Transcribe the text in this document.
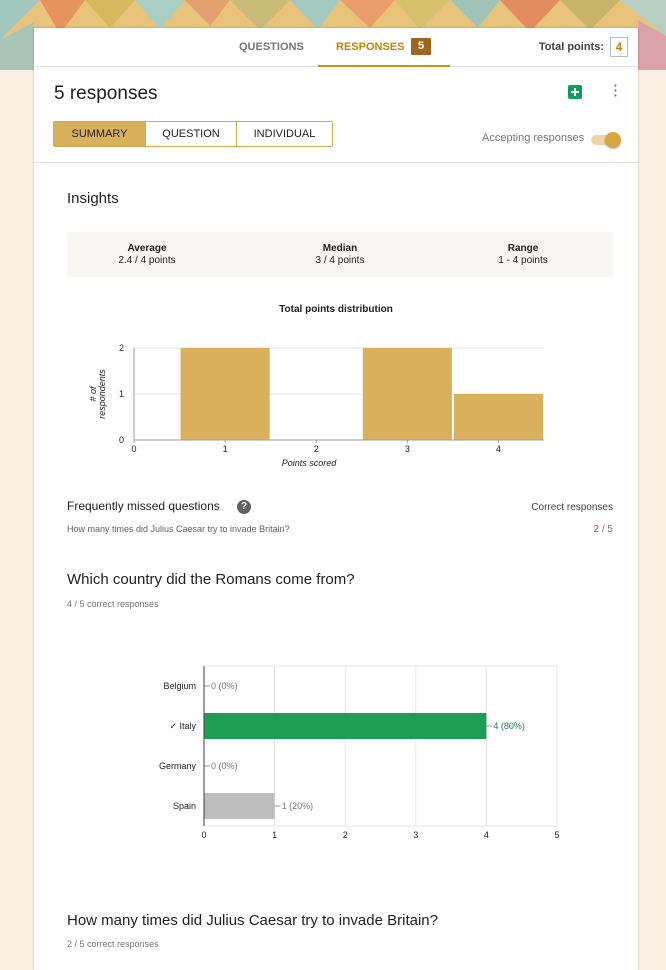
QUESTIONS	RESPONSES	5	Total points: 4
5 responses	⋮
SUMMARY	QUESTION	INDIVIDUAL	Accepting responses
Insights
Average
2.4 / 4 points
Median
3 / 4 points
Range
1 - 4 points
Total points distribution
0
1
2
0	1	2	3	4
Points scored
# ofrespondents
Frequently missed questions	?	Correct responses
How many times did Julius Caesar try to invade Britain?	2 / 5
Which country did the Romans come from?
4 / 5 correct responses
0	1	2	3	4	5
Belgium 0 (0%)
✓ Italy	4 (80%)
Germany 0 (0%)
Spain	1 (20%)
How many times did Julius Caesar try to invade Britain?
2 / 5 correct responses
